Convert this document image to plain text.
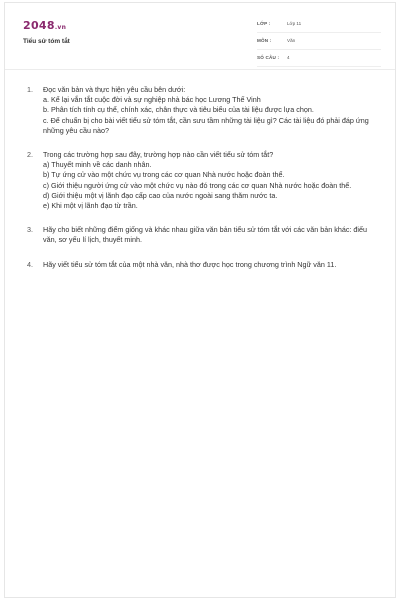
2048.vn
Tiểu sử tóm tắt
LỚP :	Lớp 11
MÔN :	Văn
SỐ CÂU : 4
1. Đọc văn bản và thực hiện yêu cầu bên dưới:

a. Kể lại vắn tắt cuộc đời và sự nghiệp nhà bác học Lương Thế Vinh
b. Phân tích tính cụ thể, chính xác, chân thực và tiêu biểu của tài liệu được lựa chọn.
c. Để chuẩn bị cho bài viết tiểu sử tóm tắt, cần sưu tầm những tài liệu gì? Các tài liệu đó phải đáp ứng những yêu cầu nào?
2. Trong các trường hợp sau đây, trường hợp nào cần viết tiểu sử tóm tắt?

a) Thuyết minh về các danh nhân.
b) Tự ứng cử vào một chức vụ trong các cơ quan Nhà nước hoặc đoàn thể.
c) Giới thiệu người ứng cử vào một chức vụ nào đó trong các cơ quan Nhà nước hoặc đoàn thể.
d) Giới thiệu một vị lãnh đạo cấp cao của nước ngoài sang thăm nước ta.
e) Khi một vị lãnh đạo từ trần.
3. Hãy cho biết những điểm giống và khác nhau giữa văn bản tiểu sử tóm tắt với các văn bản khác: điếu văn, sơ yếu lí lịch, thuyết minh.

4. Hãy viết tiểu sử tóm tắt của một nhà văn, nhà thơ được học trong chương trình Ngữ văn 11.
